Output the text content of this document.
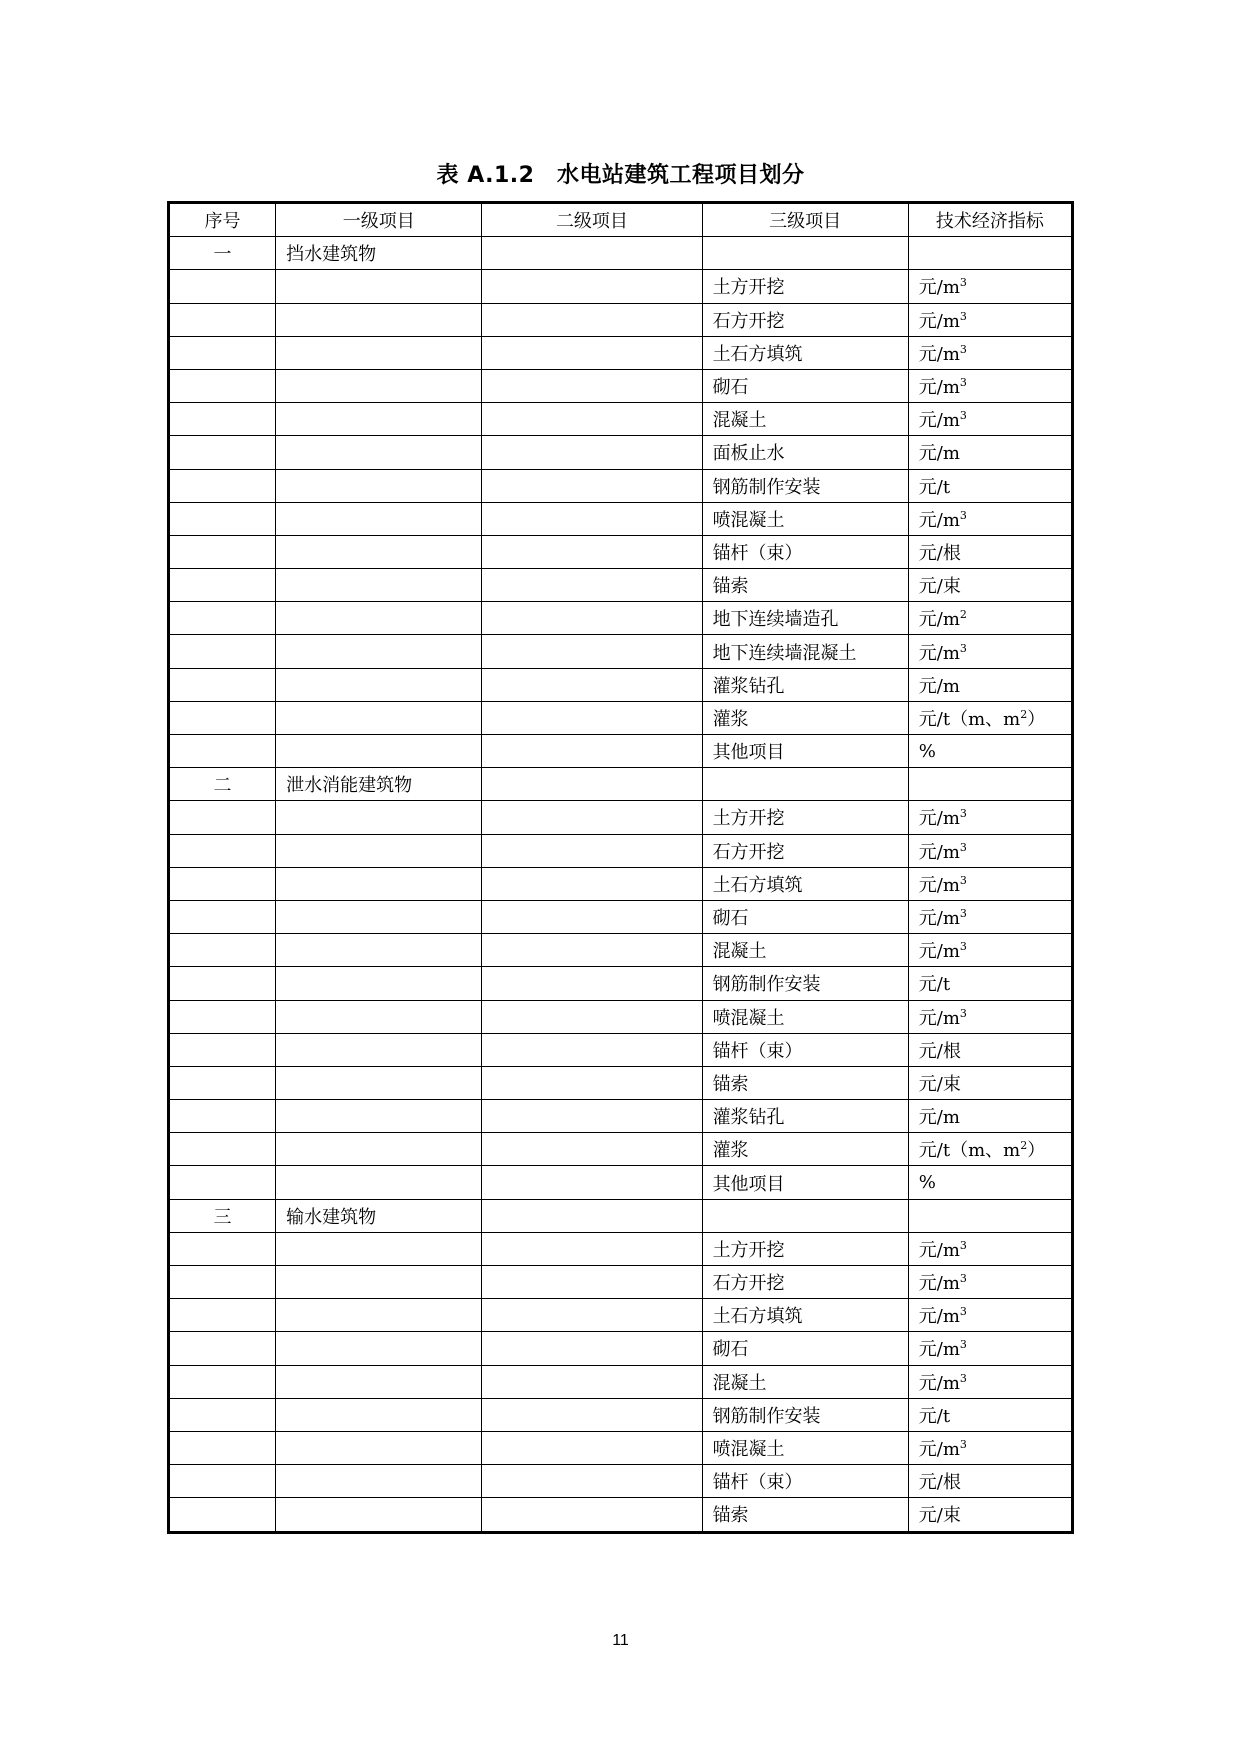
表 A.1.2　水电站建筑工程项目划分
序号	一级项目	二级项目	三级项目	技术经济指标
一	挡水建筑物			
			土方开挖	元$/m^3$
			石方开挖	元$/m^3$
			土石方填筑	元$/m^3$
			砌石	元$/m^3$
			混凝土	元$/m^3$
			面板止水	元/m
			钢筋制作安装	元/t
			喷混凝土	元$/m^3$
			锚杆（束）	元/根
			锚索	元/束
			地下连续墙造孔	元$/m^2$
			地下连续墙混凝土	元$/m^3$
			灌浆钻孔	元/m
			灌浆	元/t（m、$m^2$）
			其他项目	%
二	泄水消能建筑物			
			土方开挖	元$/m^3$
			石方开挖	元$/m^3$
			土石方填筑	元$/m^3$
			砌石	元$/m^3$
			混凝土	元$/m^3$
			钢筋制作安装	元/t
			喷混凝土	元$/m^3$
			锚杆（束）	元/根
			锚索	元/束
			灌浆钻孔	元/m
			灌浆	元/t（m、$m^2$）
			其他项目	%
三	输水建筑物			
			土方开挖	元$/m^3$
			石方开挖	元$/m^3$
			土石方填筑	元$/m^3$
			砌石	元$/m^3$
			混凝土	元$/m^3$
			钢筋制作安装	元/t
			喷混凝土	元$/m^3$
			锚杆（束）	元/根
			锚索	元/束
11
